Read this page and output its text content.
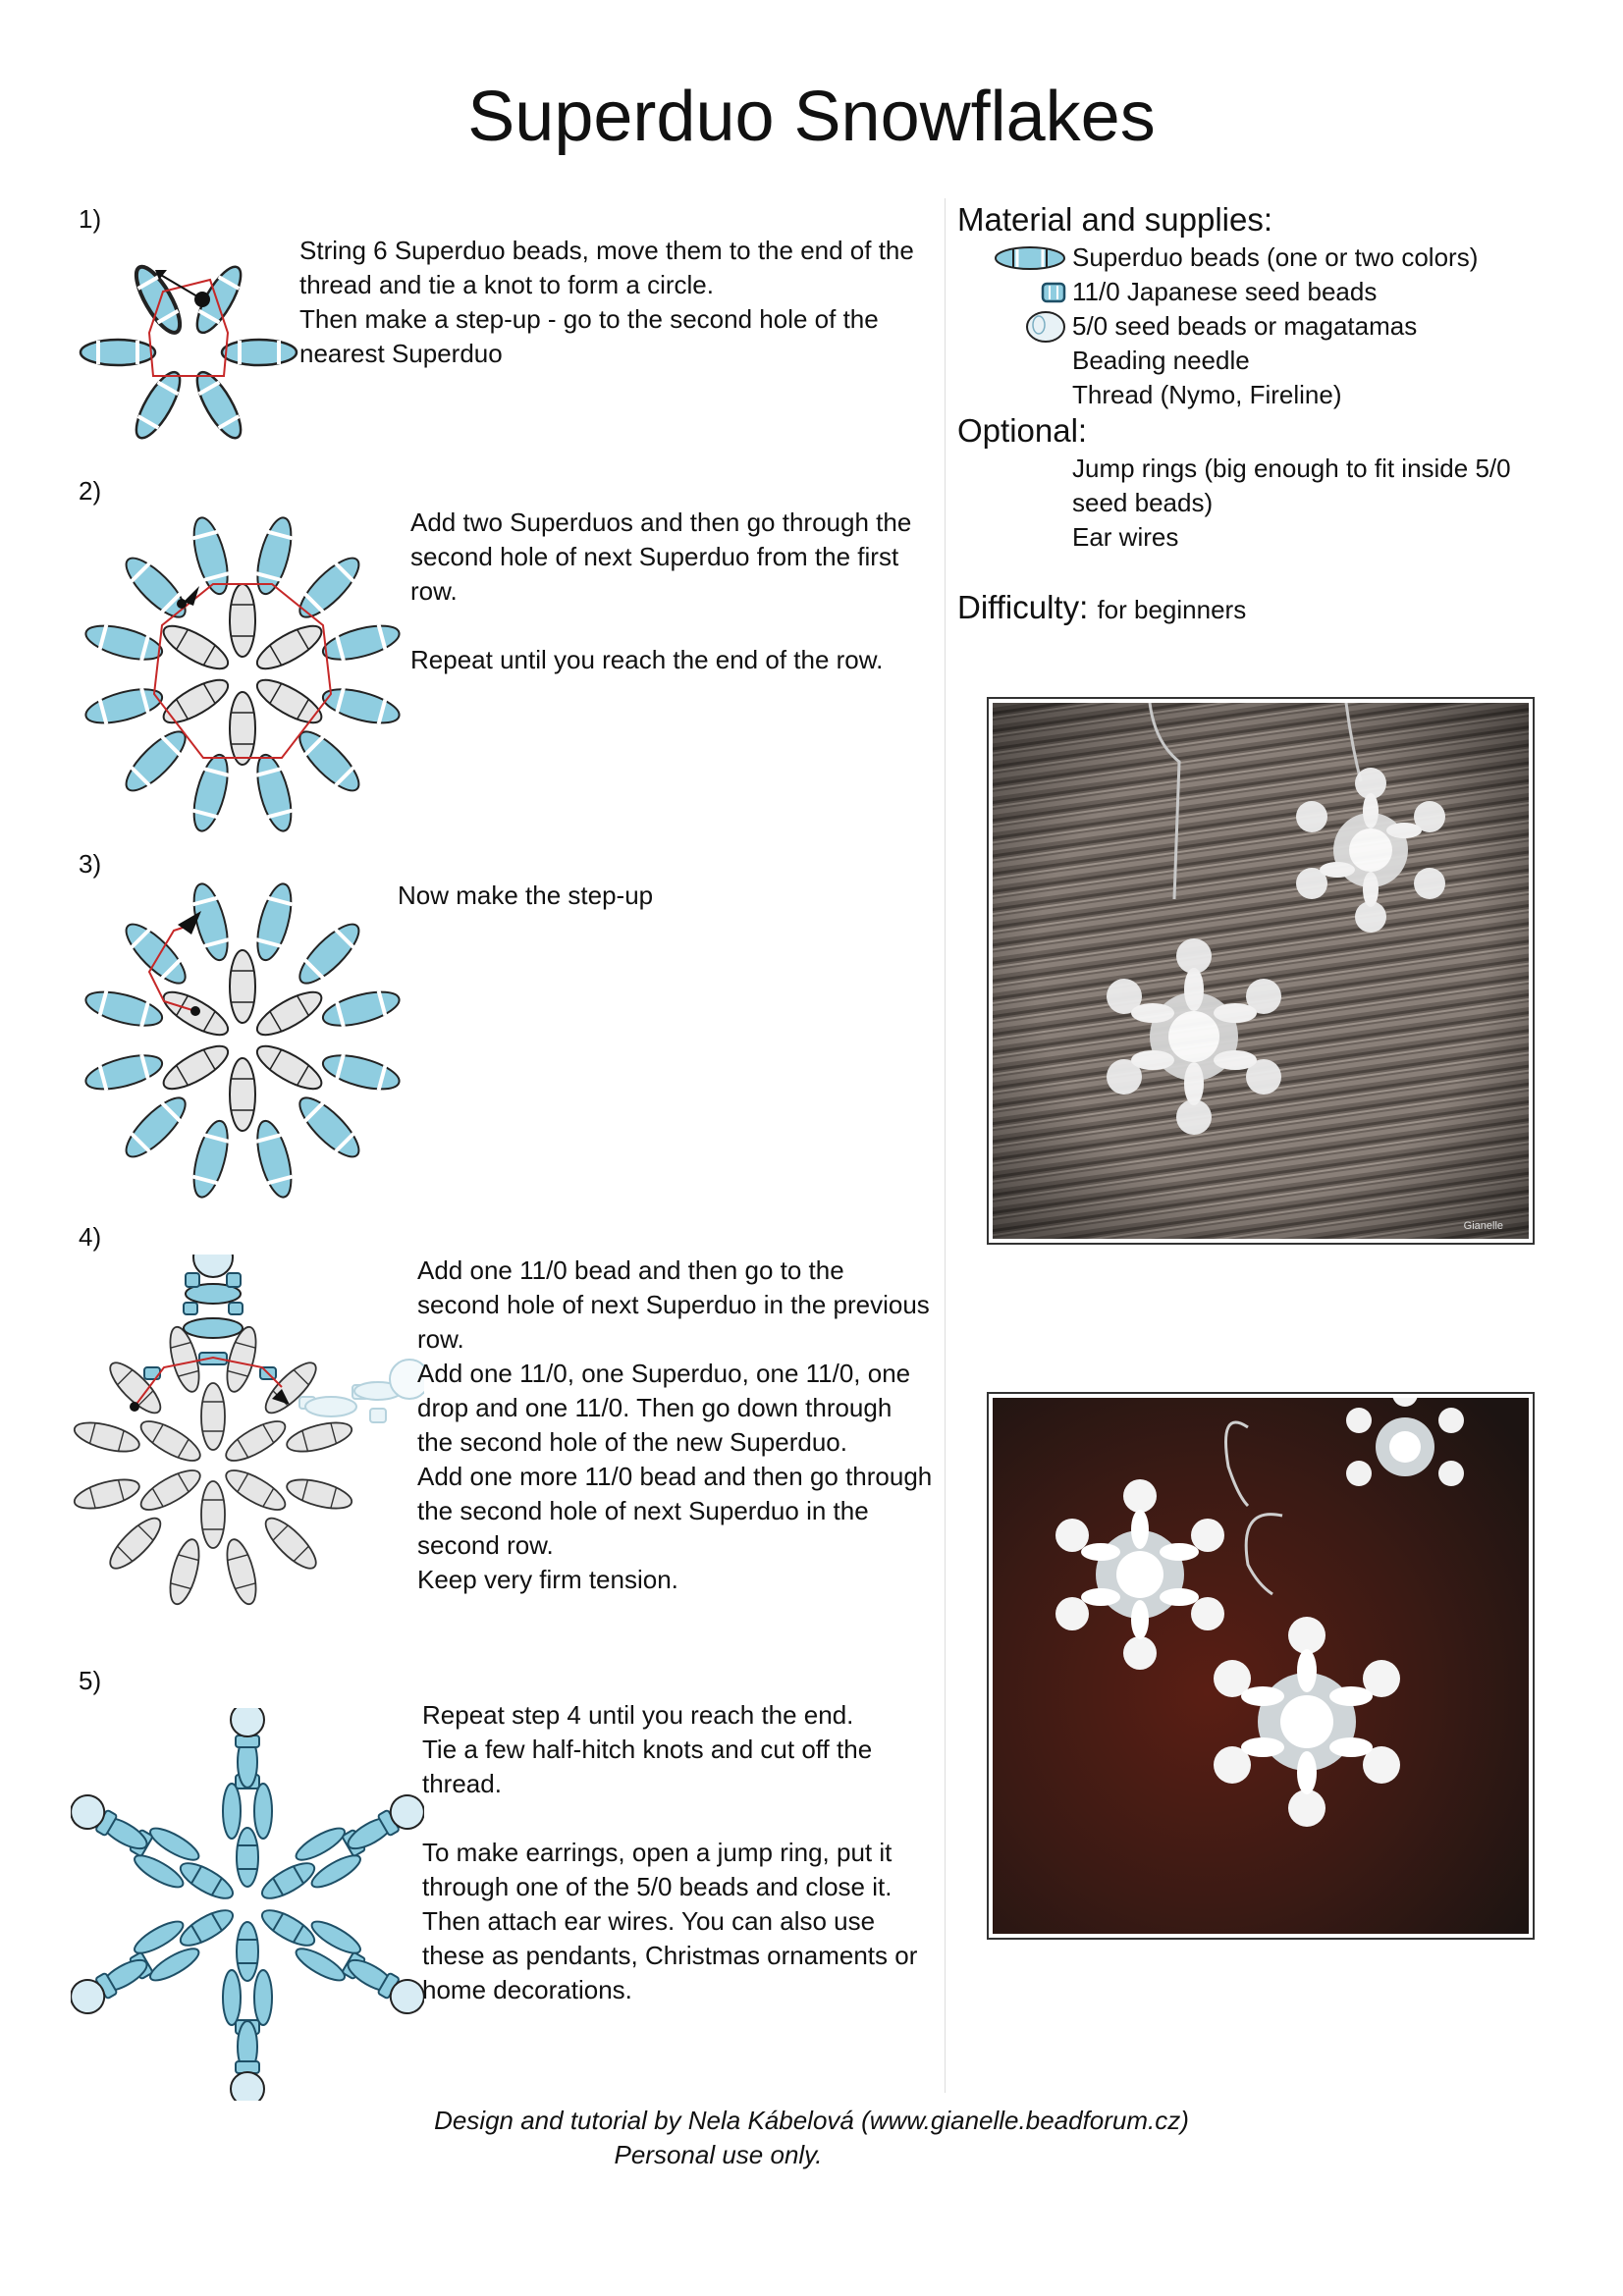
Superduo Snowflakes
1)
String 6 Superduo beads, move them to the end of the thread and tie a knot to form a circle.
Then make a step-up - go to the second hole of the nearest Superduo
2)
Add two Superduos and then go through the second hole of next Superduo from the first row.

Repeat until you reach the end of the row.
3)
Now make the step-up
4)
Add one 11/0 bead and then go to the second hole of next Superduo in the previous row.
Add one 11/0, one Superduo, one 11/0, one drop and one 11/0. Then go down through the second hole of the new Superduo.
Add one more 11/0 bead and then go through the second hole of next Superduo in the second row.
Keep very firm tension.
5)
Repeat step 4 until you reach the end.
Tie a few half-hitch knots and cut off the thread.

To make earrings, open a jump ring, put it through one of the 5/0 beads and close it.
Then attach ear wires. You can also use these as pendants, Christmas ornaments or home decorations.
Material and supplies:
Superduo beads (one or two colors)
11/0 Japanese seed beads
5/0 seed beads or magatamas
Beading needle
Thread (Nymo, Fireline)
Optional:
Jump rings (big enough to fit inside 5/0 seed beads)
Ear wires
Difficulty: for beginners
Gianelle
Design and tutorial by Nela Kábelová (www.gianelle.beadforum.cz)
Personal use only.
